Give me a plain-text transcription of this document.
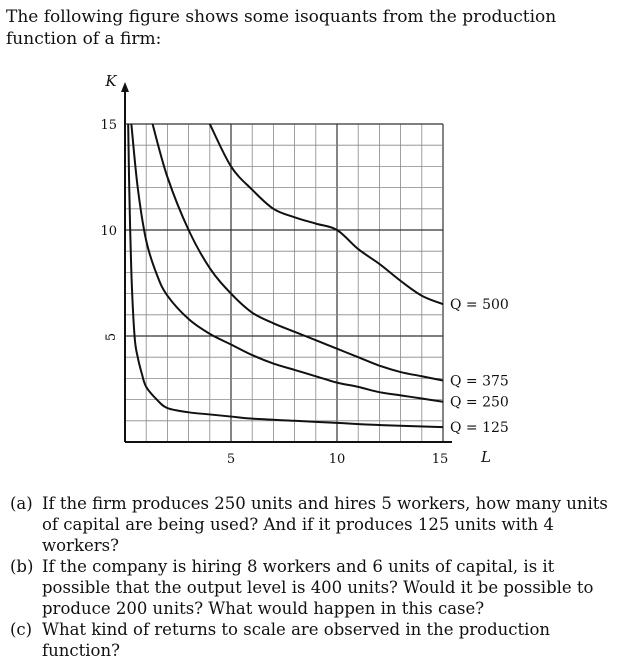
The following figure shows some isoquants from the production function of a firm:

5	10	15
5
10
15
Q = 500
Q = 375
Q = 250
Q = 125
L
K
(a) If the firm produces 250 units and hires 5 workers, how many units of capital are being used? And if it produces 125 units with 4 workers?
(b) If the company is hiring 8 workers and 6 units of capital, is it possible that the output level is 400 units? Would it be possible to produce 200 units? What would happen in this case?
(c) What kind of returns to scale are observed in the production function?
